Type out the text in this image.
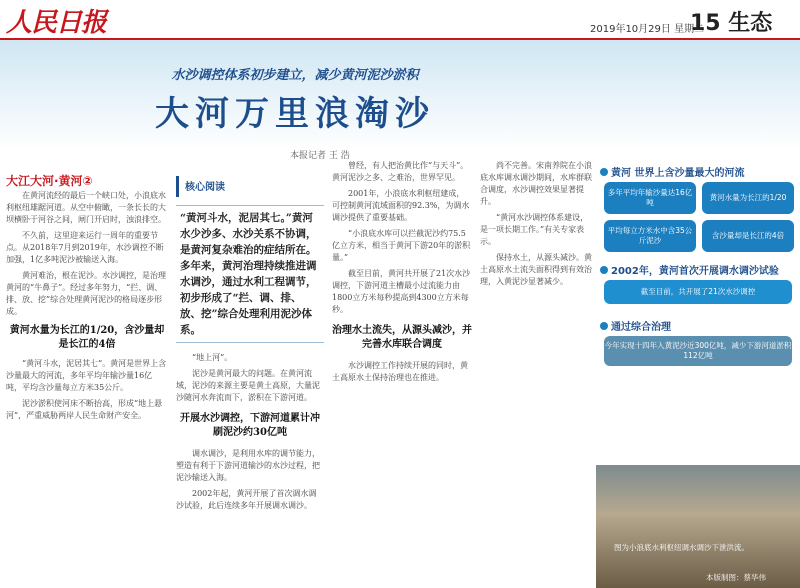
人民日报	2019年10月29日 星期二
15 生态
水沙调控体系初步建立，减少黄河泥沙淤积
大河万里浪淘沙
本报记者 王 浩
大江大河·黄河②

在黄河流经的最后一个峡口处，小浪底水利枢纽雄踞河道。从空中俯瞰，一条长长的大坝横卧于河谷之间，闸门开启时，浊浪排空。

不久前，这里迎来运行一周年的重要节点。从2018年7月到2019年，水沙调控不断加强，1亿多吨泥沙被输送入海。

黄河难治，根在泥沙。水沙调控，是治理黄河的“牛鼻子”。经过多年努力，“拦、调、排、放、挖”综合处理黄河泥沙的格局逐步形成。

黄河水量为长江的1/20，含沙量却是长江的4倍

“黄河斗水，泥居其七”。黄河是世界上含沙量最大的河流，多年平均年输沙量16亿吨，平均含沙量每立方米35公斤。

泥沙淤积使河床不断抬高，形成“地上悬河”，严重威胁两岸人民生命财产安全。

核心阅读
“黄河斗水，泥居其七。”黄河水少沙多、水沙关系不协调，是黄河复杂难治的症结所在。多年来，黄河治理持续推进调水调沙，通过水利工程调节，初步形成了“拦、调、排、放、挖”综合处理利用泥沙体系。

“地上河”。

泥沙是黄河最大的问题。在黄河流域，泥沙的来源主要是黄土高原，大量泥沙随河水奔流而下，淤积在下游河道。

开展水沙调控，下游河道累计冲刷泥沙约30亿吨

调水调沙，是利用水库的调节能力，塑造有利于下游河道输沙的水沙过程，把泥沙输送入海。

2002年起，黄河开展了首次调水调沙试验，此后连续多年开展调水调沙。

曾经，有人把治黄比作“与天斗”。黄河泥沙之多、之难治，世界罕见。

2001年，小浪底水利枢纽建成，可控制黄河流域面积的92.3%，为调水调沙提供了重要基础。

“小浪底水库可以拦截泥沙约75.5亿立方米，相当于黄河下游20年的淤积量。”

截至目前，黄河共开展了21次水沙调控，下游河道主槽最小过流能力由1800立方米每秒提高到4300立方米每秒。

治理水土流失，从源头减沙，并完善水库联合调度

水沙调控工作持续开展的同时，黄土高原水土保持治理也在推进。

尚不完善。宋南养院在小浪底水库调水调沙期间，水库群联合调度，水沙调控效果显著提升。

“黄河水沙调控体系建设，是一项长期工作。”有关专家表示。

保持水土，从源头减沙。黄土高原水土流失面积得到有效治理，入黄泥沙显著减少。

黄河 世界上含沙量最大的河流
多年平均年输沙量达16亿吨
黄河水量为长江的1/20
平均每立方米水中含35公斤泥沙
含沙量却是长江的4倍
2002年，黄河首次开展调水调沙试验
截至目前，共开展了21次水沙调控
通过综合治理
今年实现十四年入黄泥沙近300亿吨，减少下游河道淤积112亿吨
图为小浪底水利枢纽调水调沙下泄洪流。
本版制图：蔡华伟
